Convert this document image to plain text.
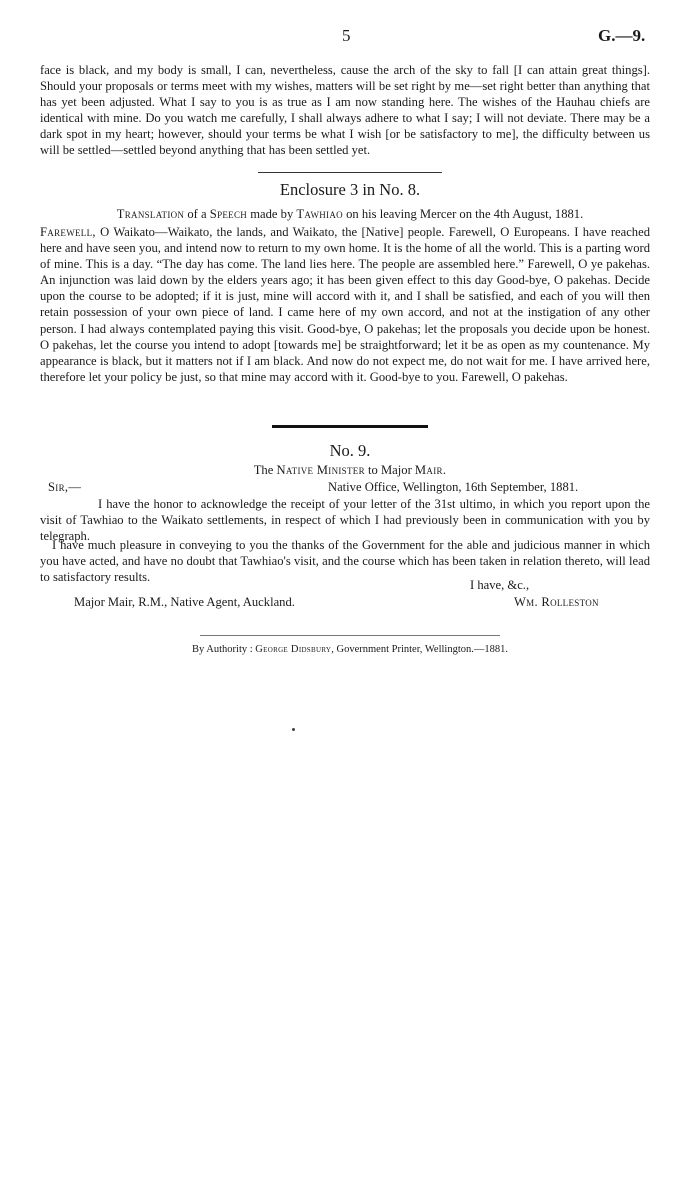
5	G.—9.
face is black, and my body is small, I can, nevertheless, cause the arch of the sky to fall [I can attain great things]. Should your proposals or terms meet with my wishes, matters will be set right by me—set right better than anything that has yet been adjusted. What I say to you is as true as I am now standing here. The wishes of the Hauhau chiefs are identical with mine. Do you watch me carefully, I shall always adhere to what I say; I will not deviate. There may be a dark spot in my heart; however, should your terms be what I wish [or be satisfactory to me], the difficulty between us will be settled—settled beyond anything that has been settled yet.
Enclosure 3 in No. 8.
Translation of a Speech made by Tawhiao on his leaving Mercer on the 4th August, 1881.
Farewell, O Waikato—Waikato, the lands, and Waikato, the [Native] people. Farewell, O Europeans. I have reached here and have seen you, and intend now to return to my own home. It is the home of all the world. This is a parting word of mine. This is a day. “The day has come. The land lies here. The people are assembled here.” Farewell, O ye pakehas. An injunction was laid down by the elders years ago; it has been given effect to this day Good-bye, O pakehas. Decide upon the course to be adopted; if it is just, mine will accord with it, and I shall be satisfied, and each of you will then retain possession of your own piece of land. I came here of my own accord, and not at the instigation of any other person. I had always contemplated paying this visit. Good-bye, O pakehas; let the proposals you decide upon be honest. O pakehas, let the course you intend to adopt [towards me] be straightforward; let it be as open as my countenance. My appearance is black, but it matters not if I am black. And now do not expect me, do not wait for me. I have arrived here, therefore let your policy be just, so that mine may accord with it. Good-bye to you. Farewell, O pakehas.
No. 9.
The Native Minister to Major Mair.
Sir,—	Native Office, Wellington, 16th September, 1881.
I have the honor to acknowledge the receipt of your letter of the 31st ultimo, in which you report upon the visit of Tawhiao to the Waikato settlements, in respect of which I had previously been in communication with you by telegraph.
I have much pleasure in conveying to you the thanks of the Government for the able and judicious manner in which you have acted, and have no doubt that Tawhiao's visit, and the course which has been taken in relation thereto, will lead to satisfactory results.
I have, &c.,
Major Mair, R.M., Native Agent, Auckland.	Wm. Rolleston
By Authority : George Didsbury, Government Printer, Wellington.—1881.
